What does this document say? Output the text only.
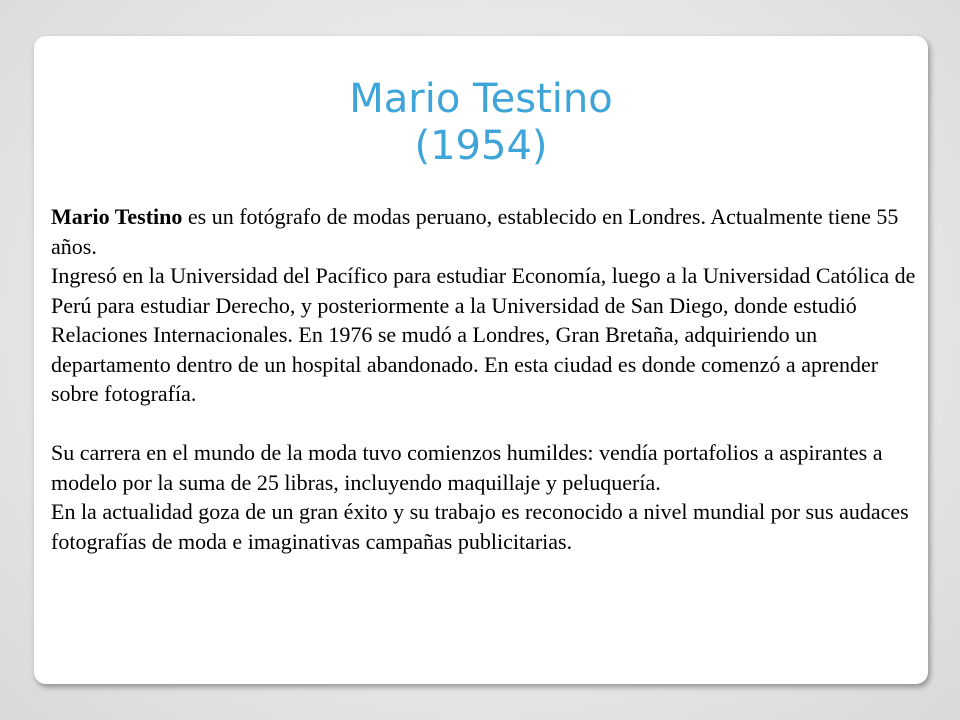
Mario Testino
(1954)

Mario Testino es un fotógrafo de modas peruano, establecido en Londres. Actualmente tiene 55 años.

Ingresó en la Universidad del Pacífico para estudiar Economía, luego a la Universidad Católica de Perú para estudiar Derecho, y posteriormente a la Universidad de San Diego, donde estudió Relaciones Internacionales. En 1976 se mudó a Londres, Gran Bretaña, adquiriendo un departamento dentro de un hospital abandonado. En esta ciudad es donde comenzó a aprender sobre fotografía.

Su carrera en el mundo de la moda tuvo comienzos humildes: vendía portafolios a aspirantes a modelo por la suma de 25 libras, incluyendo maquillaje y peluquería.

En la actualidad goza de un gran éxito y su trabajo es reconocido a nivel mundial por sus audaces fotografías de moda e imaginativas campañas publicitarias.
